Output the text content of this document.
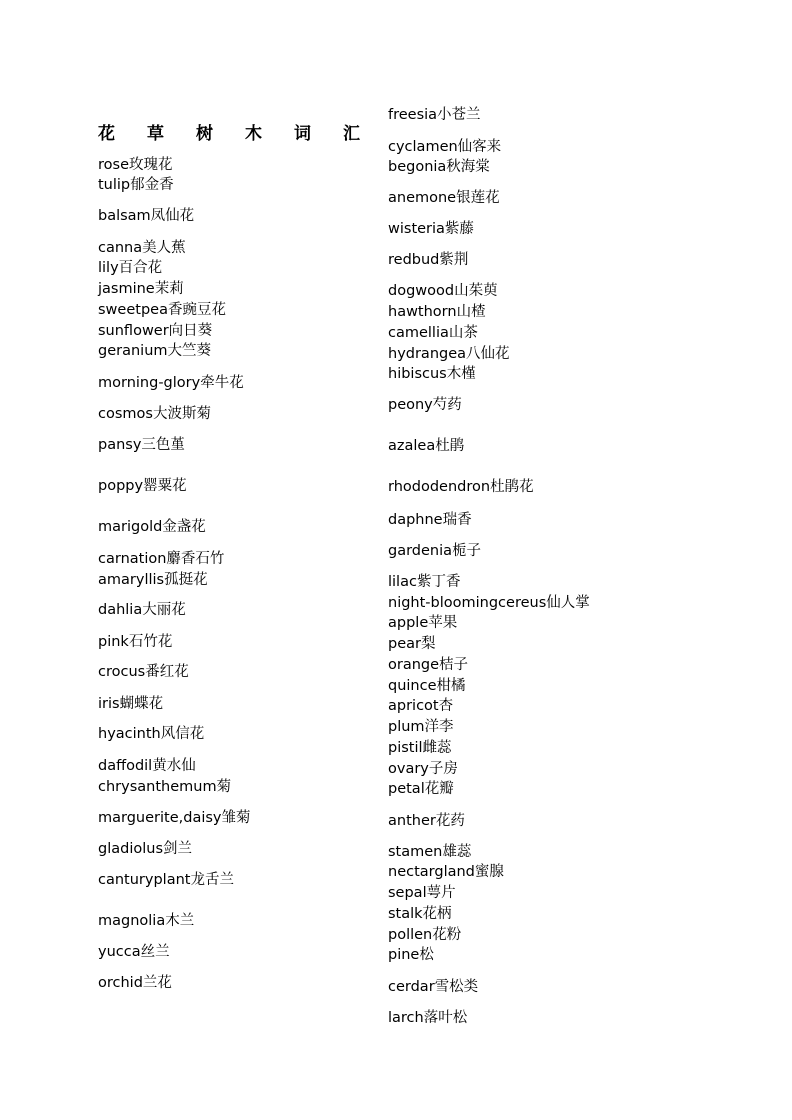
花 草 树 木 词 汇
rose玫瑰花
tulip郁金香
balsam凤仙花
canna美人蕉
lily百合花
jasmine茉莉
sweetpea香豌豆花
sunflower向日葵
geranium大竺葵
morning-glory牵牛花
cosmos大波斯菊
pansy三色堇
poppy罂粟花
marigold金盏花
carnation麝香石竹
amaryllis孤挺花
dahlia大丽花
pink石竹花
crocus番红花
iris蝴蝶花
hyacinth风信花
daffodil黄水仙
chrysanthemum菊
marguerite,daisy雏菊
gladiolus剑兰
canturyplant龙舌兰
magnolia木兰
yucca丝兰
orchid兰花
freesia小苍兰
cyclamen仙客来
begonia秋海棠
anemone银莲花
wisteria紫藤
redbud紫荆
dogwood山茱萸
hawthorn山楂
camellia山茶
hydrangea八仙花
hibiscus木槿
peony芍药
azalea杜鹃
rhododendron杜鹃花
daphne瑞香
gardenia栀子
lilac紫丁香
night-bloomingcereus仙人掌
apple苹果
pear梨
orange桔子
quince柑橘
apricot杏
plum洋李
pistil雌蕊
ovary子房
petal花瓣
anther花药
stamen雄蕊
nectargland蜜腺
sepal萼片
stalk花柄
pollen花粉
pine松
cerdar雪松类
larch落叶松
